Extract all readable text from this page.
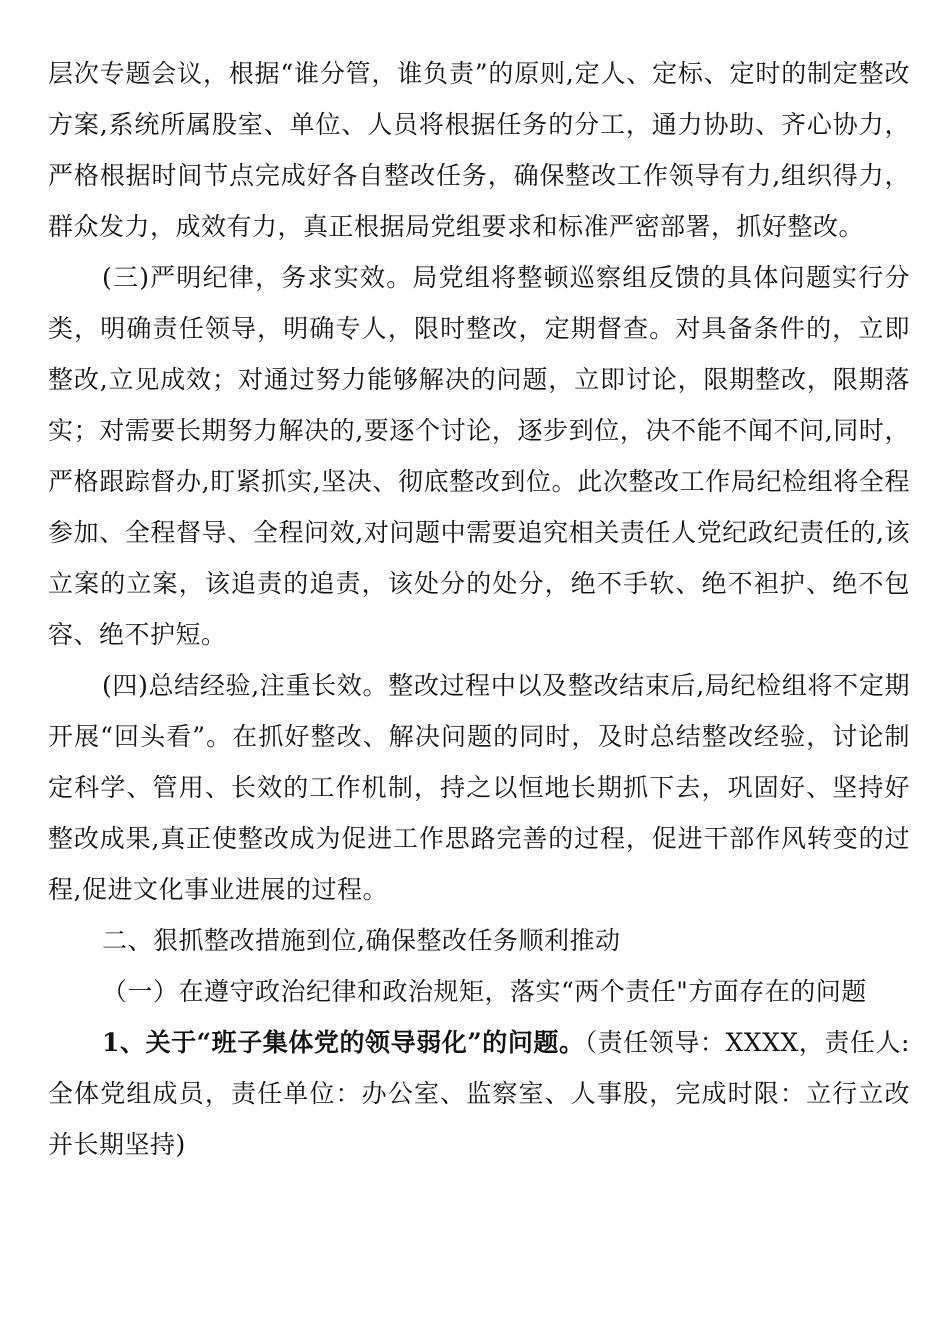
层次专题会议，根据“谁分管，谁负责”的原则,定人、定标、定时的制定整改方案,系统所属股室、单位、人员将根据任务的分工，通力协助、齐心协力，严格根据时间节点完成好各自整改任务，确保整改工作领导有力,组织得力，群众发力，成效有力，真正根据局党组要求和标准严密部署，抓好整改。

(三)严明纪律，务求实效。局党组将整顿巡察组反馈的具体问题实行分类，明确责任领导，明确专人，限时整改，定期督查。对具备条件的，立即整改,立见成效；对通过努力能够解决的问题，立即讨论，限期整改，限期落实；对需要长期努力解决的,要逐个讨论，逐步到位，决不能不闻不问,同时，严格跟踪督办,盯紧抓实,坚决、彻底整改到位。此次整改工作局纪检组将全程参加、全程督导、全程问效,对问题中需要追究相关责任人党纪政纪责任的,该立案的立案，该追责的追责，该处分的处分，绝不手软、绝不袒护、绝不包容、绝不护短。

(四)总结经验,注重长效。整改过程中以及整改结束后,局纪检组将不定期开展“回头看”。在抓好整改、解决问题的同时，及时总结整改经验，讨论制定科学、管用、长效的工作机制，持之以恒地长期抓下去，巩固好、坚持好整改成果,真正使整改成为促进工作思路完善的过程，促进干部作风转变的过程,促进文化事业进展的过程。

二、狠抓整改措施到位,确保整改任务顺利推动

（一）在遵守政治纪律和政治规矩，落实“两个责任"方面存在的问题

1、关于“班子集体党的领导弱化”的问题。（责任领导：XXXX，责任人:全体党组成员，责任单位：办公室、监察室、人事股，完成时限：立行立改并长期坚持)
